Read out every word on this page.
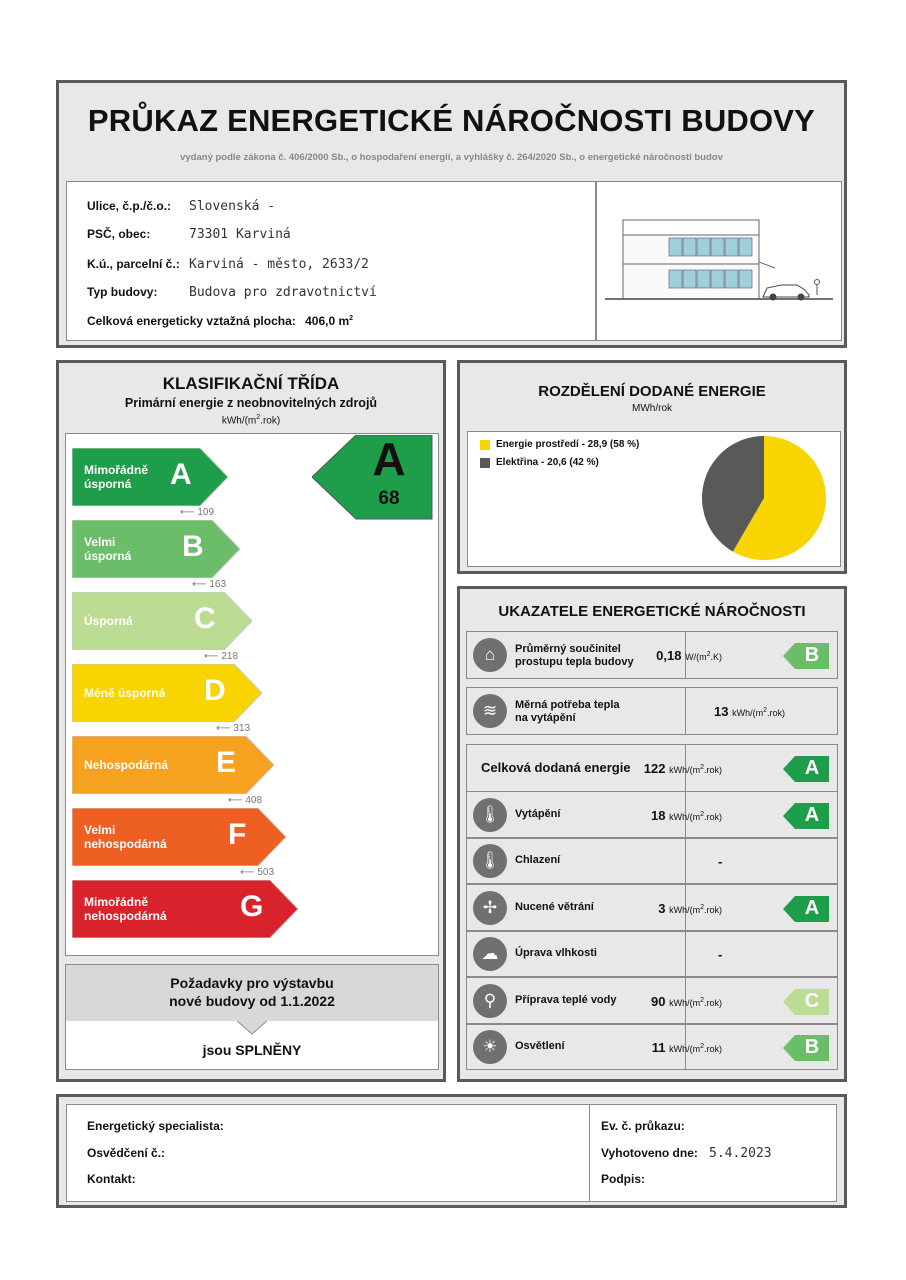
PRŮKAZ ENERGETICKÉ NÁROČNOSTI BUDOVY
vydaný podle zákona č. 406/2000 Sb., o hospodaření energií, a vyhlášky č. 264/2020 Sb., o energetické náročnosti budov
Ulice, č.p./č.o.: Slovenská -
PSČ, obec:	73301 Karviná
K.ú., parcelní č.: Karviná - město, 2633/2
Typ budovy: Budova pro zdravotnictví
Celková energeticky vztažná plocha: 406,0 $m^2$
KLASIFIKAČNÍ TŘÍDA
Primární energie z neobnovitelných zdrojů
kWh/$(m^2.rok)$
Požadavky pro výstavbu
nové budovy od 1.1.2022
jsou SPLNĚNY
Mimořádně
úsporná	A
⟵ 109
Velmi
úsporná B
⟵ 163
Úsporná C
⟵ 218
Méně úsporná D
⟵ 313
Nehospodárná E
⟵ 408
Velmi
nehospodárná F
⟵ 503
Mimořádně
nehospodárná G
A
68
ROZDĚLENÍ DODANÉ ENERGIE
MWh/rok
Energie prostředí - 28,9 (58 %)
Elektřina - 20,6 (42 %)
UKAZATELE ENERGETICKÉ NÁROČNOSTI
⌂	Průměrný součinitel
prostupu tepla budovy 0,18 $W/(m^2.K)$	B
≋	Měrná potřeba tepla
na vytápění	13 kWh/$(m^2.rok)$
Celková dodaná energie 122 kWh/$(m^2.rok)$	A
🌡	Vytápění	18 kWh/$(m^2.rok)$	A
🌡	Chlazení	-
✢	Nucené větrání	3 kWh/$(m^2.rok)$	A
☁	Úprava vlhkosti	-
⚲	Příprava teplé vody	90 kWh/$(m^2.rok)$	C
☀	Osvětlení	11 kWh/$(m^2.rok)$	B
Energetický specialista:
Osvědčení č.:
Kontakt:
Ev. č. průkazu:
Vyhotoveno dne: 5.4.2023
Podpis:
